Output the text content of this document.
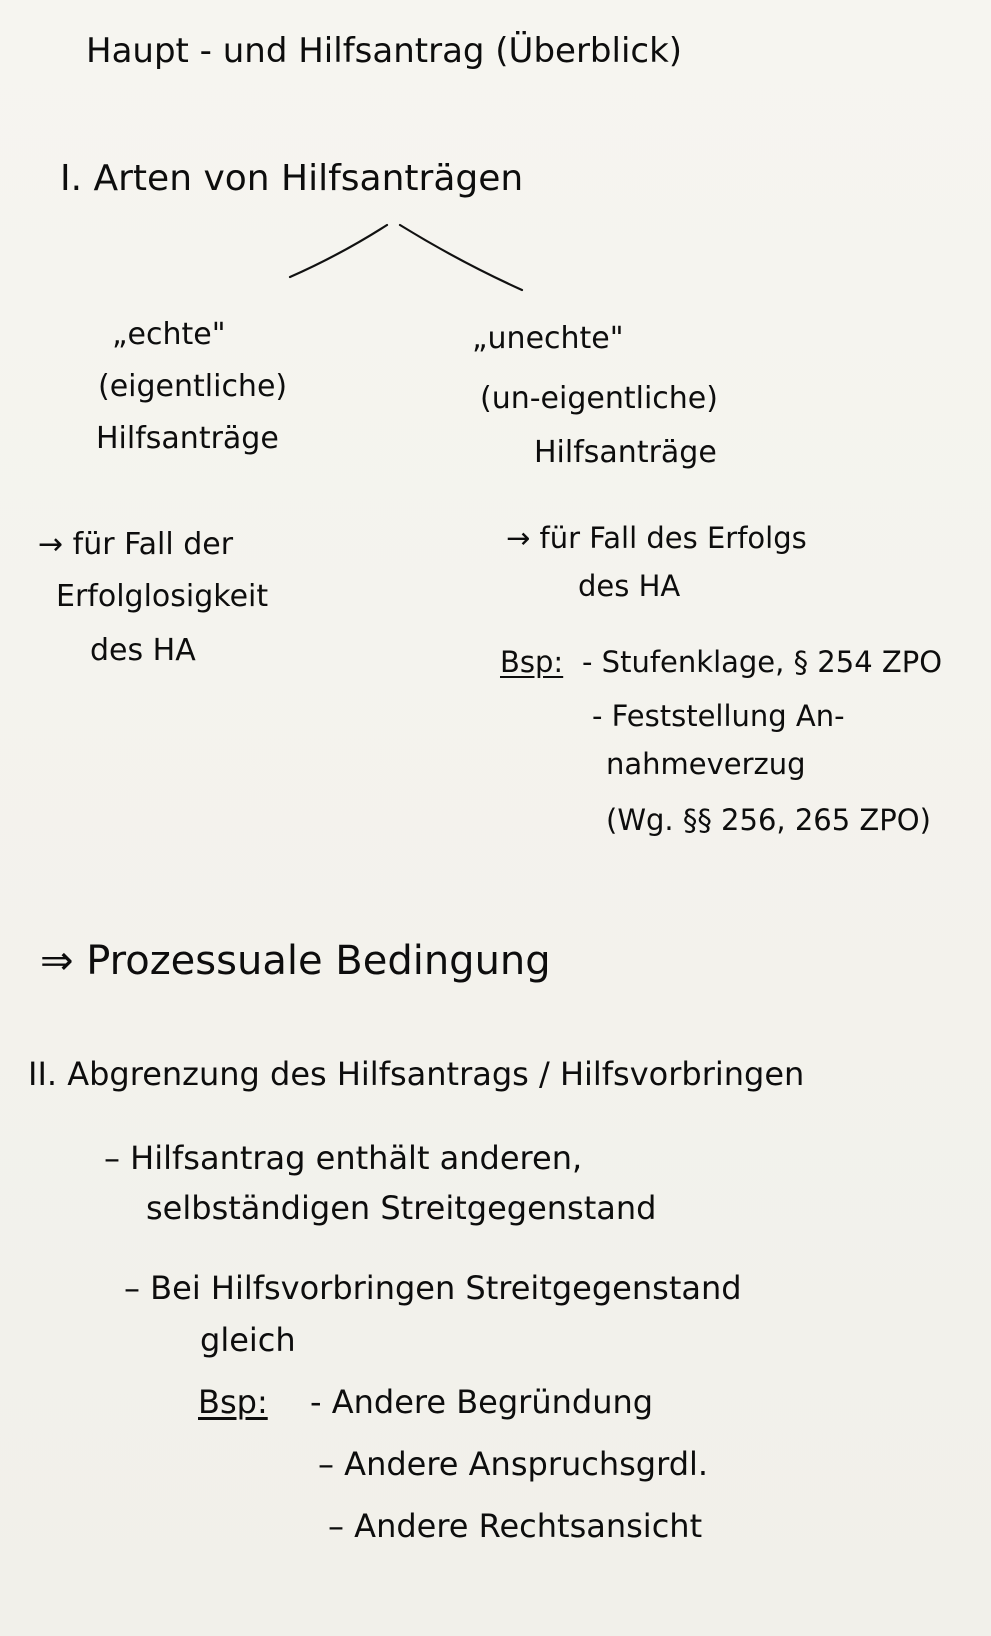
Haupt - und Hilfsantrag (Überblick)

I. Arten von Hilfsanträgen

„echte"

(eigentliche)

Hilfsanträge

→ für Fall der

Erfolglosigkeit

des HA

„unechte"

(un-eigentliche)

Hilfsanträge

→ für Fall des Erfolgs

des HA

Bsp: - Stufenklage, § 254 ZPO

- Feststellung An-

nahmeverzug

(Wg. §§ 256, 265 ZPO)

⇒ Prozessuale Bedingung

II. Abgrenzung des Hilfsantrags / Hilfsvorbringen

– Hilfsantrag enthält anderen,

selbständigen Streitgegenstand

– Bei Hilfsvorbringen Streitgegenstand

gleich

Bsp: - Andere Begründung

– Andere Anspruchsgrdl.

– Andere Rechtsansicht
